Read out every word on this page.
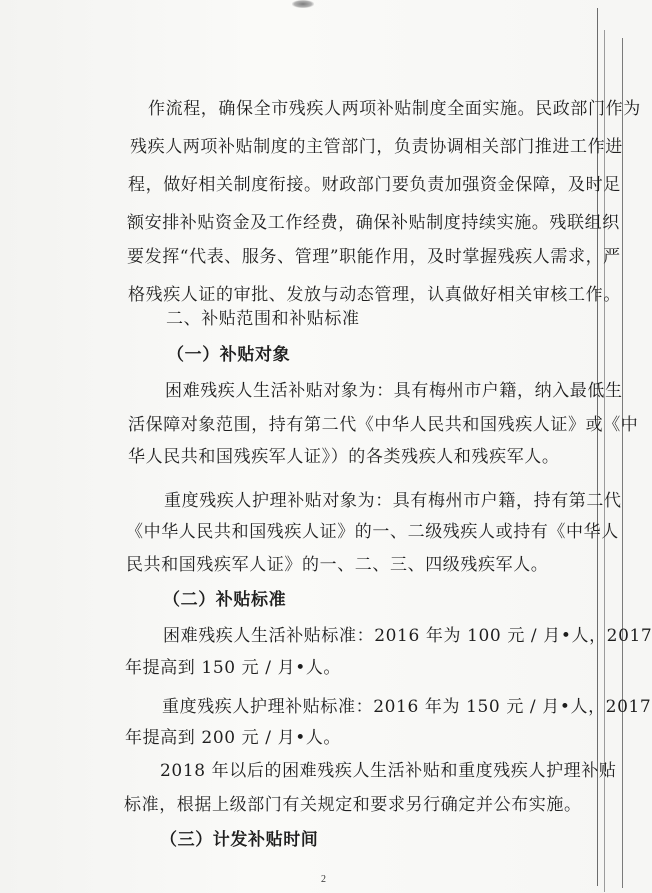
作流程，确保全市残疾人两项补贴制度全面实施。民政部门作为
残疾人两项补贴制度的主管部门，负责协调相关部门推进工作进
程，做好相关制度衔接。财政部门要负责加强资金保障，及时足
额安排补贴资金及工作经费，确保补贴制度持续实施。残联组织
要发挥“代表、服务、管理”职能作用，及时掌握残疾人需求，严
格残疾人证的审批、发放与动态管理，认真做好相关审核工作。
二、补贴范围和补贴标准
（一）补贴对象
困难残疾人生活补贴对象为：具有梅州市户籍，纳入最低生
活保障对象范围，持有第二代《中华人民共和国残疾人证》或《中
华人民共和国残疾军人证》）的各类残疾人和残疾军人。
重度残疾人护理补贴对象为：具有梅州市户籍，持有第二代
《中华人民共和国残疾人证》的一、二级残疾人或持有《中华人
民共和国残疾军人证》的一、二、三、四级残疾军人。
（二）补贴标准
困难残疾人生活补贴标准：2016 年为 100 元 / 月•人，2017
年提高到 150 元 / 月•人。
重度残疾人护理补贴标准：2016 年为 150 元 / 月•人，2017
年提高到 200 元 / 月•人。
2018 年以后的困难残疾人生活补贴和重度残疾人护理补贴
标准，根据上级部门有关规定和要求另行确定并公布实施。
（三）计发补贴时间
2
